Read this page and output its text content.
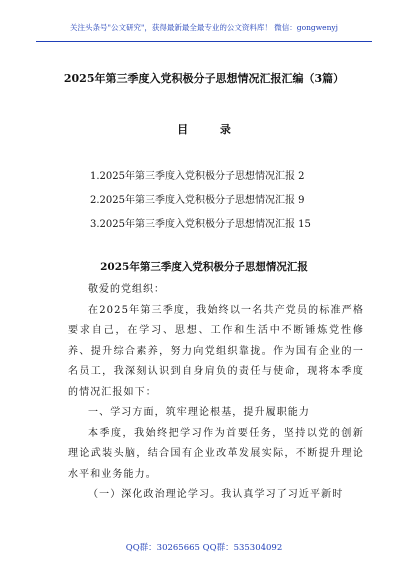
关注头条号"公文研究"，获得最新最全最专业的公文资料库！ 微信：gongwenyj
2025年第三季度入党积极分子思想情况汇报汇编（3篇）
目 录
1.2025年第三季度入党积极分子思想情况汇报 2
2.2025年第三季度入党积极分子思想情况汇报 9
3.2025年第三季度入党积极分子思想情况汇报 15
2025年第三季度入党积极分子思想情况汇报

敬爱的党组织：

在2025年第三季度，我始终以一名共产党员的标准严格要求自己，在学习、思想、工作和生活中不断锤炼党性修养、提升综合素养，努力向党组织靠拢。作为国有企业的一名员工，我深刻认识到自身肩负的责任与使命，现将本季度的情况汇报如下：

一、学习方面，筑牢理论根基，提升履职能力

本季度，我始终把学习作为首要任务，坚持以党的创新理论武装头脑，结合国有企业改革发展实际，不断提升理论水平和业务能力。

（一）深化政治理论学习。我认真学习了习近平新时

QQ群：30265665 QQ群：535304092
